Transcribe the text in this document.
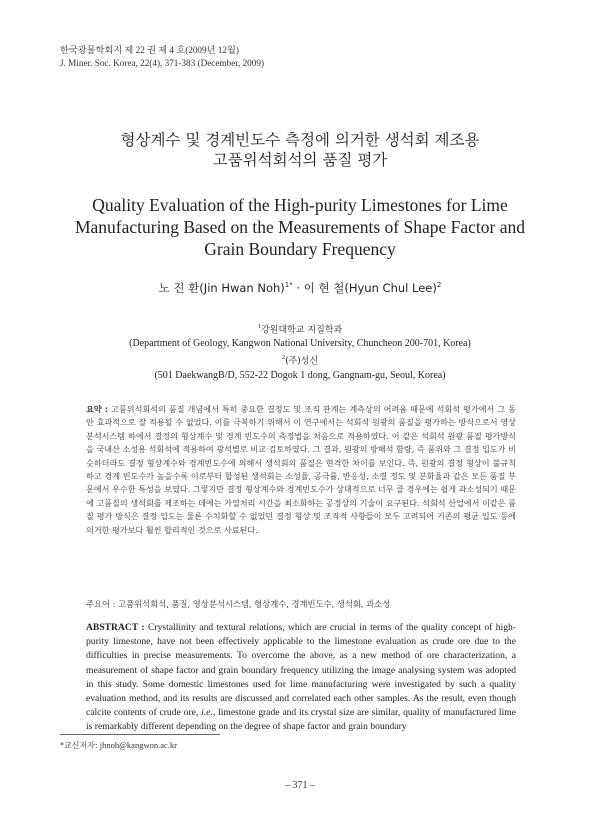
한국광물학회지 제 22 권 제 4 호(2009년 12월)
J. Miner. Soc. Korea, 22(4), 371-383 (December, 2009)
형상계수 및 경계빈도수 측정에 의거한 생석회 제조용
고품위석회석의 품질 평가
Quality Evaluation of the High-purity Limestones for Lime
Manufacturing Based on the Measurements of Shape Factor and
Grain Boundary Frequency
노 진 환(Jin Hwan Noh)$^{1*}$ · 이 현 철(Hyun Chul Lee)$^2$
$^1$강원대학교 지질학과
(Department of Geology, Kangwon National University, Chuncheon 200-701, Korea)
$^2$(주)성신
(501 DaekwangB/D, 552-22 Dogok 1 dong, Gangnam-gu, Seoul, Korea)
요약 : 고품위석회석의 품질 개념에서 특히 중요한 결정도 및 조직 관계는 계측상의 어려움 때문에 석회석 평가에서 그 동안 효과적으로 잘 적용될 수 없었다. 이를 극복하기 위해서 이 연구에서는 석회석 원광의 품질을 평가하는 방식으로서 영상분석시스템 하에서 결정의 형상계수 및 경계 빈도수의 측정법을 처음으로 적용하였다. 이 같은 석회석 원광 품질 평가방식을 국내산 소성용 석회석에 적용하여 광석별로 비교·검토하였다. 그 결과, 원광의 방해석 함량, 즉 품위와 그 결정 입도가 비슷하더라도 결정 형상계수와 경계빈도수에 의해서 생석회의 품질은 현격한 차이를 보인다. 즉, 원광의 결정 형상이 불규칙하고 경계 빈도수가 높을수록 이로부터 합성된 생석회는 소성율, 공극률, 반응성, 소결 정도 및 분화율과 같은 모든 품질 부문에서 우수한 특성을 보였다. 그렇지만 결정 형상계수와 경계빈도수가 상대적으로 너무 클 경우에는 쉽게 과소성되기 때문에 고품질의 생석회를 제조하는 데에는 가열처리 시간을 최소화하는 공정상의 기술이 요구된다. 석회석 산업에서 이같은 품질 평가 방식은 결정 입도는 물론 수치화할 수 없었던 결정 형상 및 조직적 사항들이 모두 고려되어 기존의 평균 입도 등에 의거한 평가보다 훨씬 합리적인 것으로 사료된다.
주요어 : 고품위석회석, 품질, 영상분석시스템, 형상계수, 경계빈도수, 생석회, 과소성
ABSTRACT : Crystallinity and textural relations, which are crucial in terms of the quality concept of high-purity limestone, have not been effectively applicable to the limestone evaluation as crude ore due to the difficulties in precise measurements. To overcome the above, as a new method of ore characterization, a measurement of shape factor and grain boundary frequency utilizing the image analysing system was adopted in this study. Some domestic limestones used for lime manufacturing were investigated by such a quality evaluation method, and its results are discussed and correlated each other samples. As the result, even though calcite contents of crude ore, i.e., limestone grade and its crystal size are similar, quality of manufactured lime is remarkably different depending on the degree of shape factor and grain boundary
*교신저자: jhnoh@kangwon.ac.kr
– 371 –
